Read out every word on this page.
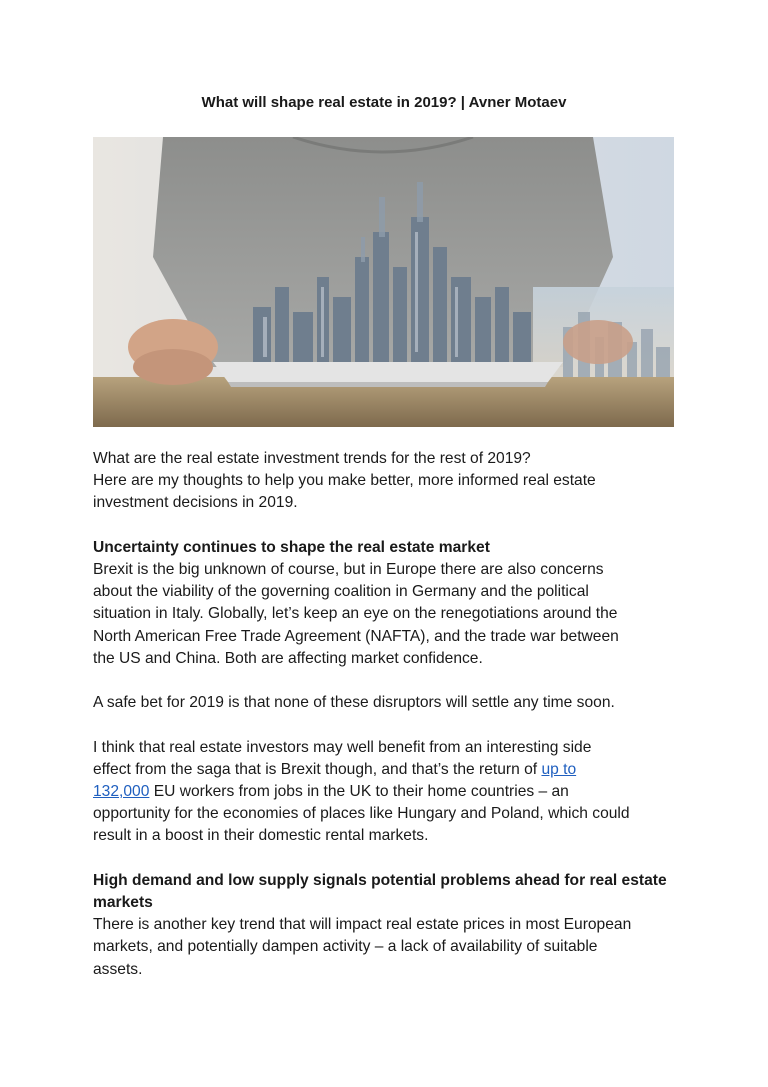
What will shape real estate in 2019? | Avner Motaev

What are the real estate investment trends for the rest of 2019?
Here are my thoughts to help you make better, more informed real estate
investment decisions in 2019.

Uncertainty continues to shape the real estate market
Brexit is the big unknown of course, but in Europe there are also concerns
about the viability of the governing coalition in Germany and the political
situation in Italy. Globally, let’s keep an eye on the renegotiations around the
North American Free Trade Agreement (NAFTA), and the trade war between
the US and China. Both are affecting market confidence.

A safe bet for 2019 is that none of these disruptors will settle any time soon.

I think that real estate investors may well benefit from an interesting side
effect from the saga that is Brexit though, and that’s the return of up to
132,000 EU workers from jobs in the UK to their home countries – an
opportunity for the economies of places like Hungary and Poland, which could
result in a boost in their domestic rental markets.

High demand and low supply signals potential problems ahead for real estate
markets
There is another key trend that will impact real estate prices in most European
markets, and potentially dampen activity – a lack of availability of suitable
assets.
